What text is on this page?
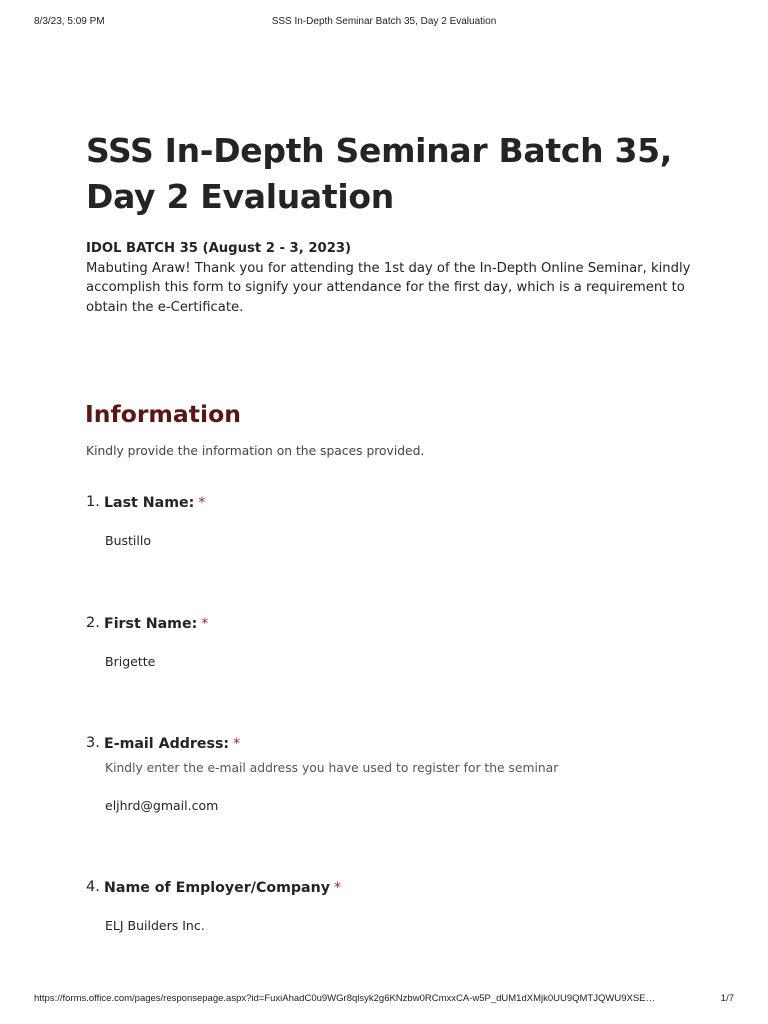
8/3/23, 5:09 PM	SSS In-Depth Seminar Batch 35, Day 2 Evaluation
SSS In-Depth Seminar Batch 35, Day 2 Evaluation
IDOL BATCH 35 (August 2 - 3, 2023)
Mabuting Araw! Thank you for attending the 1st day of the In-Depth Online Seminar, kindly accomplish this form to signify your attendance for the first day, which is a requirement to obtain the e-Certificate.
Information
Kindly provide the information on the spaces provided.
1. Last Name: *
Bustillo
2. First Name: *
Brigette
3. E-mail Address: *
Kindly enter the e-mail address you have used to register for the seminar
eljhrd@gmail.com
4. Name of Employer/Company *
ELJ Builders Inc.
https://forms.office.com/pages/responsepage.aspx?id=FuxiAhadC0u9WGr8qlsyk2g6KNzbw0RCmxxCA-w5P_dUM1dXMjk0UU9QMTJQWU9XSE…	1/7
